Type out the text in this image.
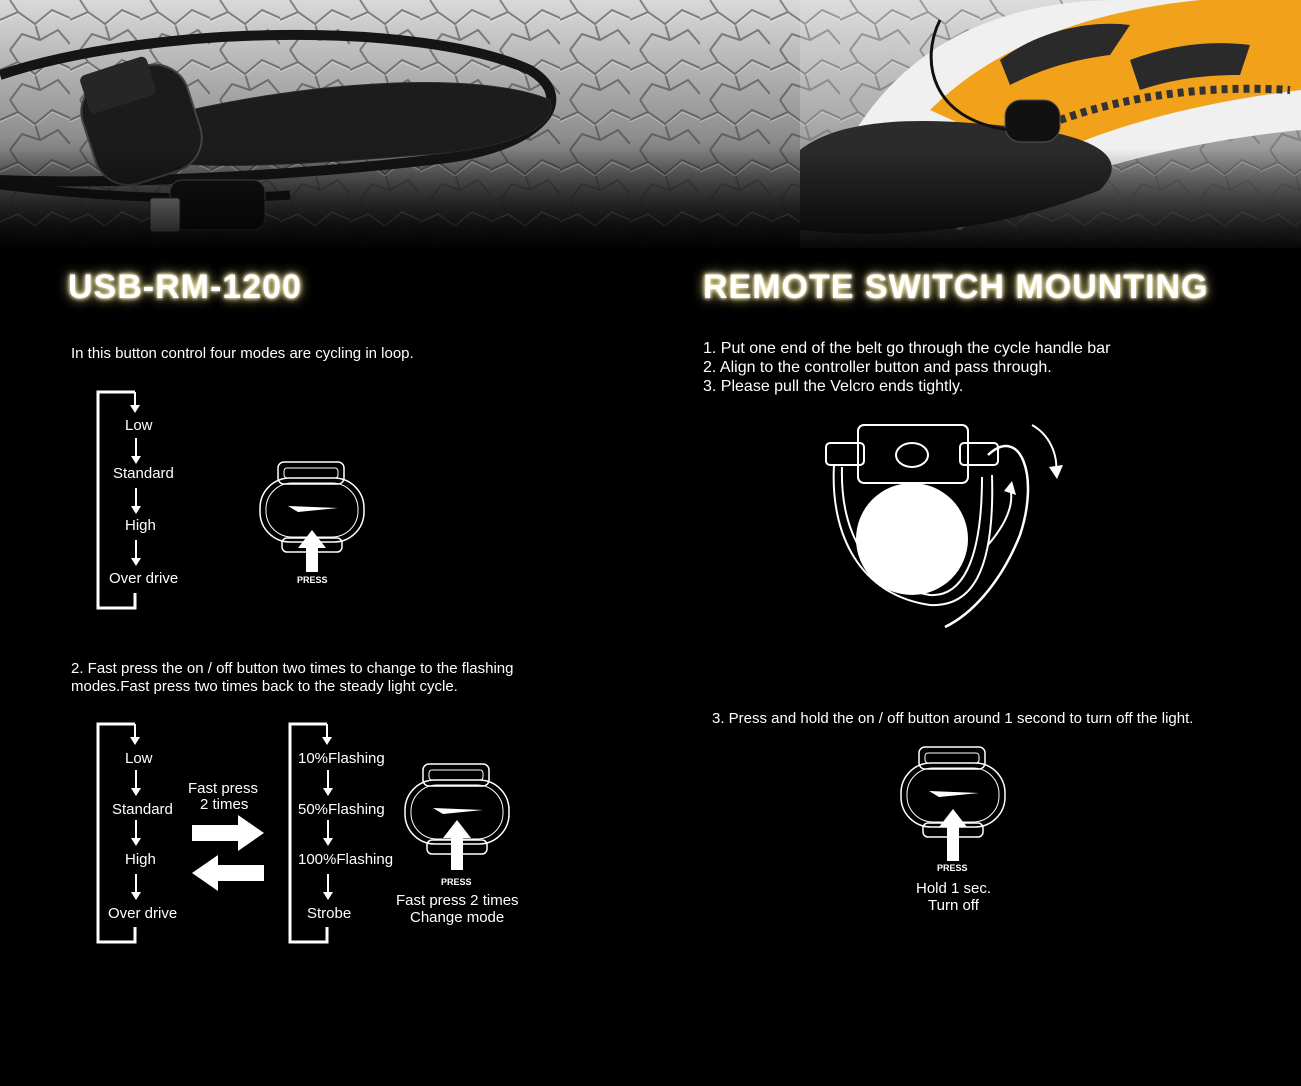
USB-RM-1200
In this button control four modes are cycling in loop.
Low
Standard
High
Over drive	PRESS
2. Fast press the on / off button two times to change to the flashing
modes.Fast press two times back to the steady light cycle.
Low
Standard
High
Over drive
Fast press
2 times
10%Flashing
50%Flashing
100%Flashing
Strobe
PRESS
Fast press 2 times
Change mode
REMOTE SWITCH MOUNTING
1. Put one end of the belt go through the cycle handle bar
2. Align to the controller button and pass through.
3. Please pull the Velcro ends tightly.
3. Press and hold the on / off button around 1 second to turn off the light.
PRESS
Hold 1 sec.
Turn off
